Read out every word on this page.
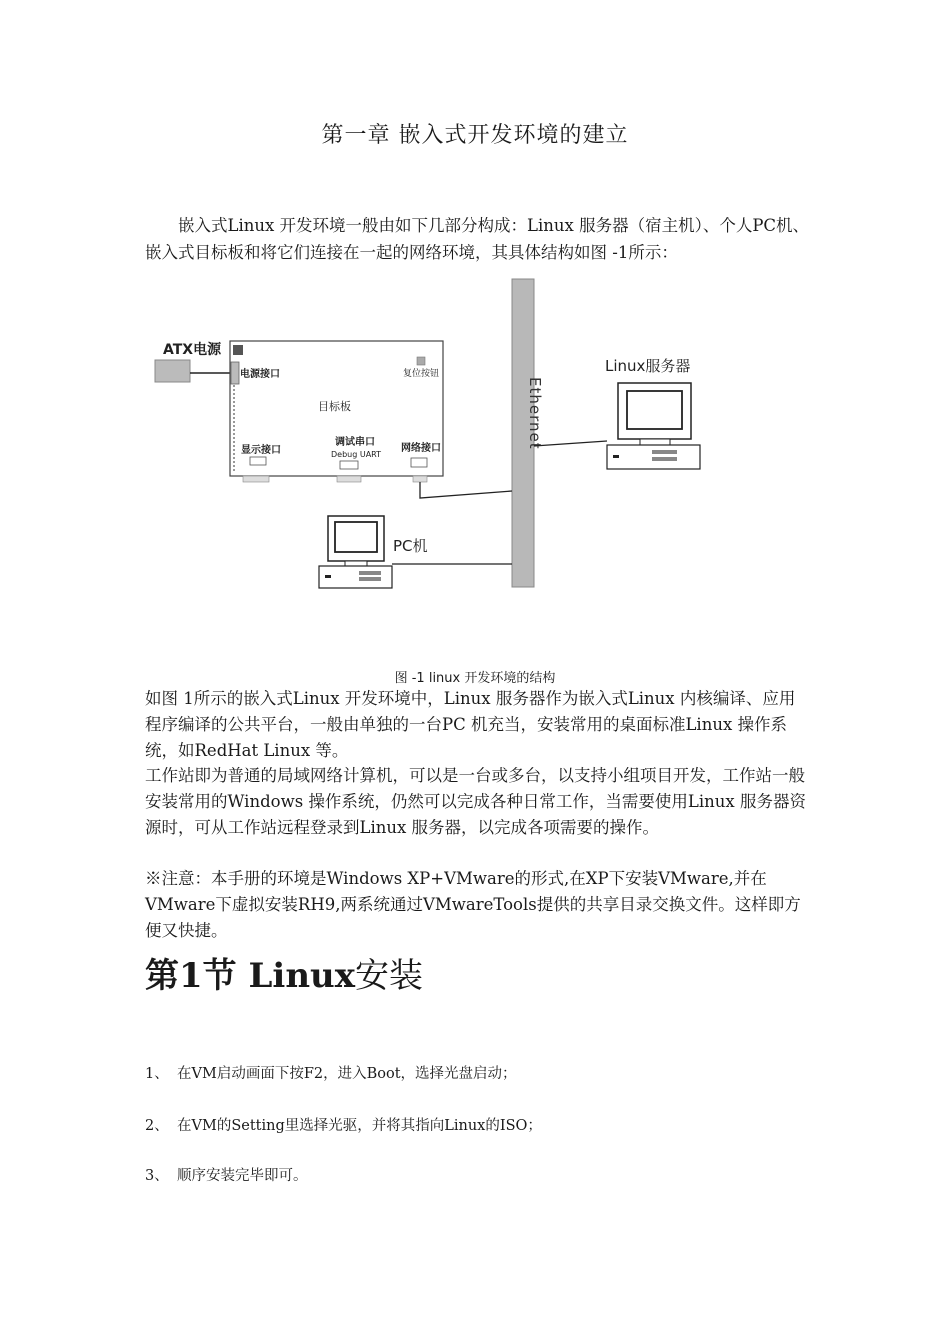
第一章 嵌入式开发环境的建立
嵌入式Linux 开发环境一般由如下几部分构成：Linux 服务器（宿主机）、个人PC机、嵌入式目标板和将它们连接在一起的网络环境，其具体结构如图 -1所示：
Ethernet
ATX电源
电源接口	复位按钮
目标板
显示接口
调试串口
Debug UART
网络接口
Linux服务器
PC机
图 -1 linux 开发环境的结构
如图 1所示的嵌入式Linux 开发环境中，Linux 服务器作为嵌入式Linux 内核编译、应用程序编译的公共平台，一般由单独的一台PC 机充当，安装常用的桌面标准Linux 操作系统，如RedHat Linux 等。
工作站即为普通的局域网络计算机，可以是一台或多台，以支持小组项目开发，工作站一般安装常用的Windows 操作系统，仍然可以完成各种日常工作，当需要使用Linux 服务器资源时，可从工作站远程登录到Linux 服务器，以完成各项需要的操作。
※注意：本手册的环境是Windows XP+VMware的形式,在XP下安装VMware,并在VMware下虚拟安装RH9,两系统通过VMwareTools提供的共享目录交换文件。这样即方便又快捷。
第1节 Linux安装
1、 在VM启动画面下按F2，进入Boot，选择光盘启动；
2、 在VM的Setting里选择光驱，并将其指向Linux的ISO；
3、 顺序安装完毕即可。
